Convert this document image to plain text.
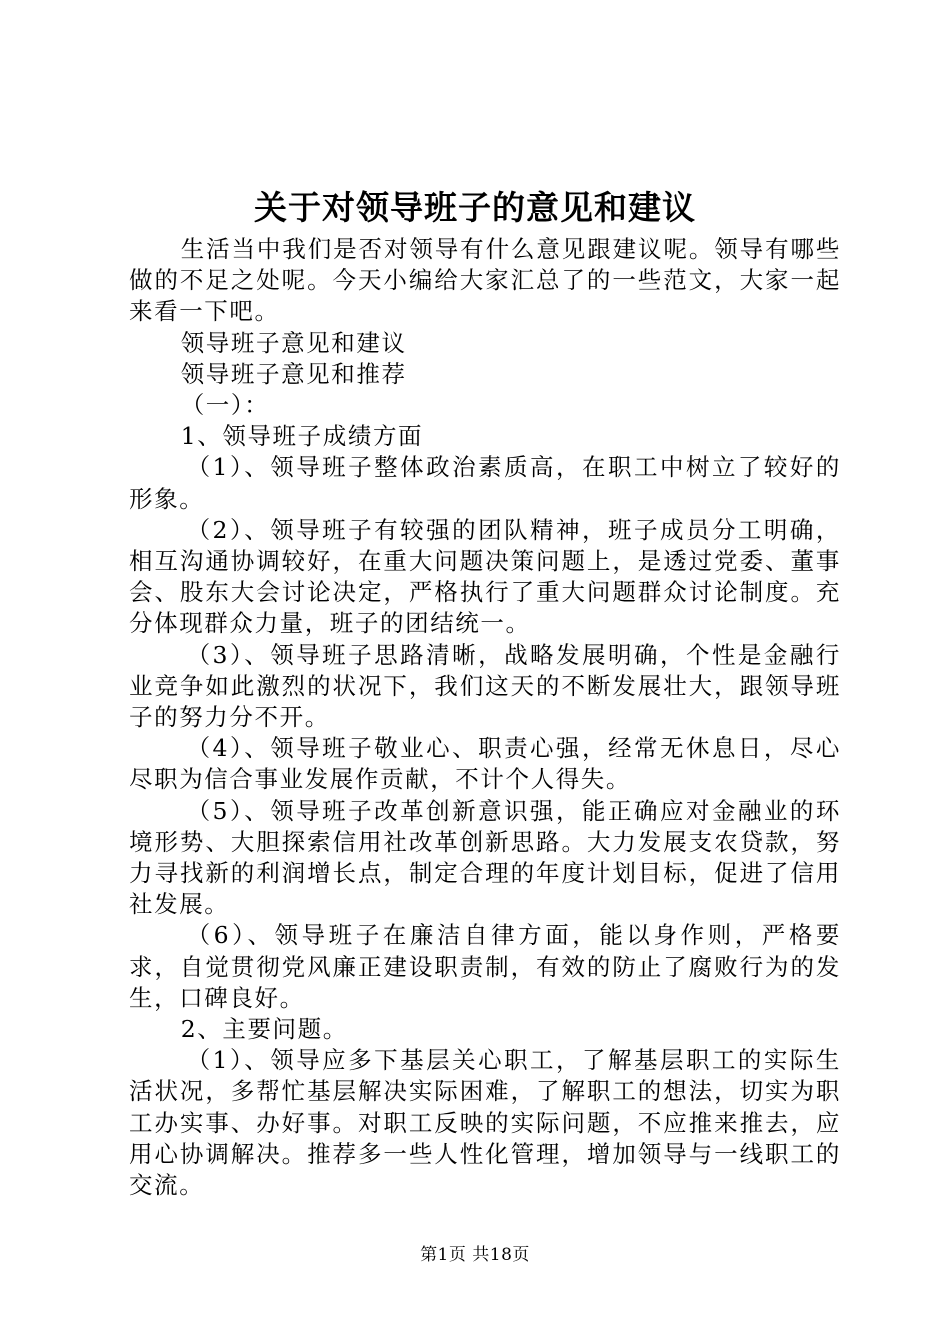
关于对领导班子的意见和建议

生活当中我们是否对领导有什么意见跟建议呢。领导有哪些做的不足之处呢。今天小编给大家汇总了的一些范文，大家一起来看一下吧。

领导班子意见和建议

领导班子意见和推荐

（一）：

1、领导班子成绩方面

（1）、领导班子整体政治素质高，在职工中树立了较好的形象。

（2）、领导班子有较强的团队精神，班子成员分工明确，相互沟通协调较好，在重大问题决策问题上，是透过党委、董事会、股东大会讨论决定，严格执行了重大问题群众讨论制度。充分体现群众力量，班子的团结统一。

（3）、领导班子思路清晰，战略发展明确，个性是金融行业竞争如此激烈的状况下，我们这天的不断发展壮大，跟领导班子的努力分不开。

（4）、领导班子敬业心、职责心强，经常无休息日，尽心尽职为信合事业发展作贡献，不计个人得失。

（5）、领导班子改革创新意识强，能正确应对金融业的环境形势、大胆探索信用社改革创新思路。大力发展支农贷款，努力寻找新的利润增长点，制定合理的年度计划目标，促进了信用社发展。

（6）、领导班子在廉洁自律方面，能以身作则，严格要求，自觉贯彻党风廉正建设职责制，有效的防止了腐败行为的发生，口碑良好。

2、主要问题。

（1）、领导应多下基层关心职工，了解基层职工的实际生活状况，多帮忙基层解决实际困难，了解职工的想法，切实为职工办实事、办好事。对职工反映的实际问题，不应推来推去，应用心协调解决。推荐多一些人性化管理，增加领导与一线职工的交流。

第1页 共18页
